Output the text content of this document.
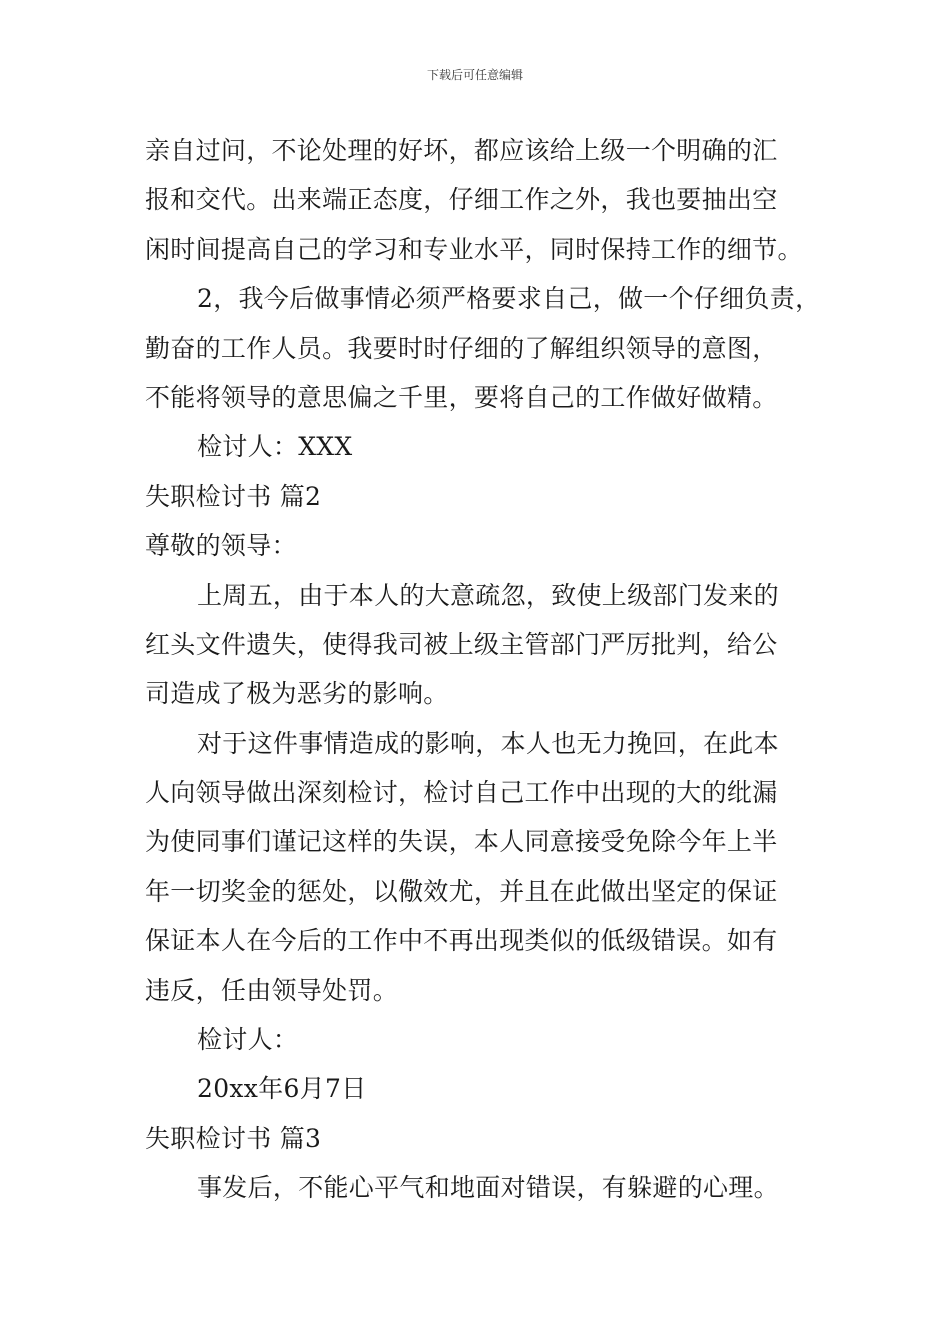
下载后可任意编辑
亲自过问，不论处理的好坏，都应该给上级一个明确的汇
报和交代。出来端正态度，仔细工作之外，我也要抽出空
闲时间提高自己的学习和专业水平，同时保持工作的细节。
2，我今后做事情必须严格要求自己，做一个仔细负责，
勤奋的工作人员。我要时时仔细的了解组织领导的意图，
不能将领导的意思偏之千里，要将自己的工作做好做精。
检讨人：XXX
失职检讨书 篇2
尊敬的领导：
上周五，由于本人的大意疏忽，致使上级部门发来的
红头文件遗失，使得我司被上级主管部门严厉批判，给公
司造成了极为恶劣的影响。
对于这件事情造成的影响，本人也无力挽回，在此本
人向领导做出深刻检讨，检讨自己工作中出现的大的纰漏
为使同事们谨记这样的失误，本人同意接受免除今年上半
年一切奖金的惩处，以儆效尤，并且在此做出坚定的保证
保证本人在今后的工作中不再出现类似的低级错误。如有
违反，任由领导处罚。
检讨人：
20xx年6月7日
失职检讨书 篇3
事发后，不能心平气和地面对错误，有躲避的心理。
